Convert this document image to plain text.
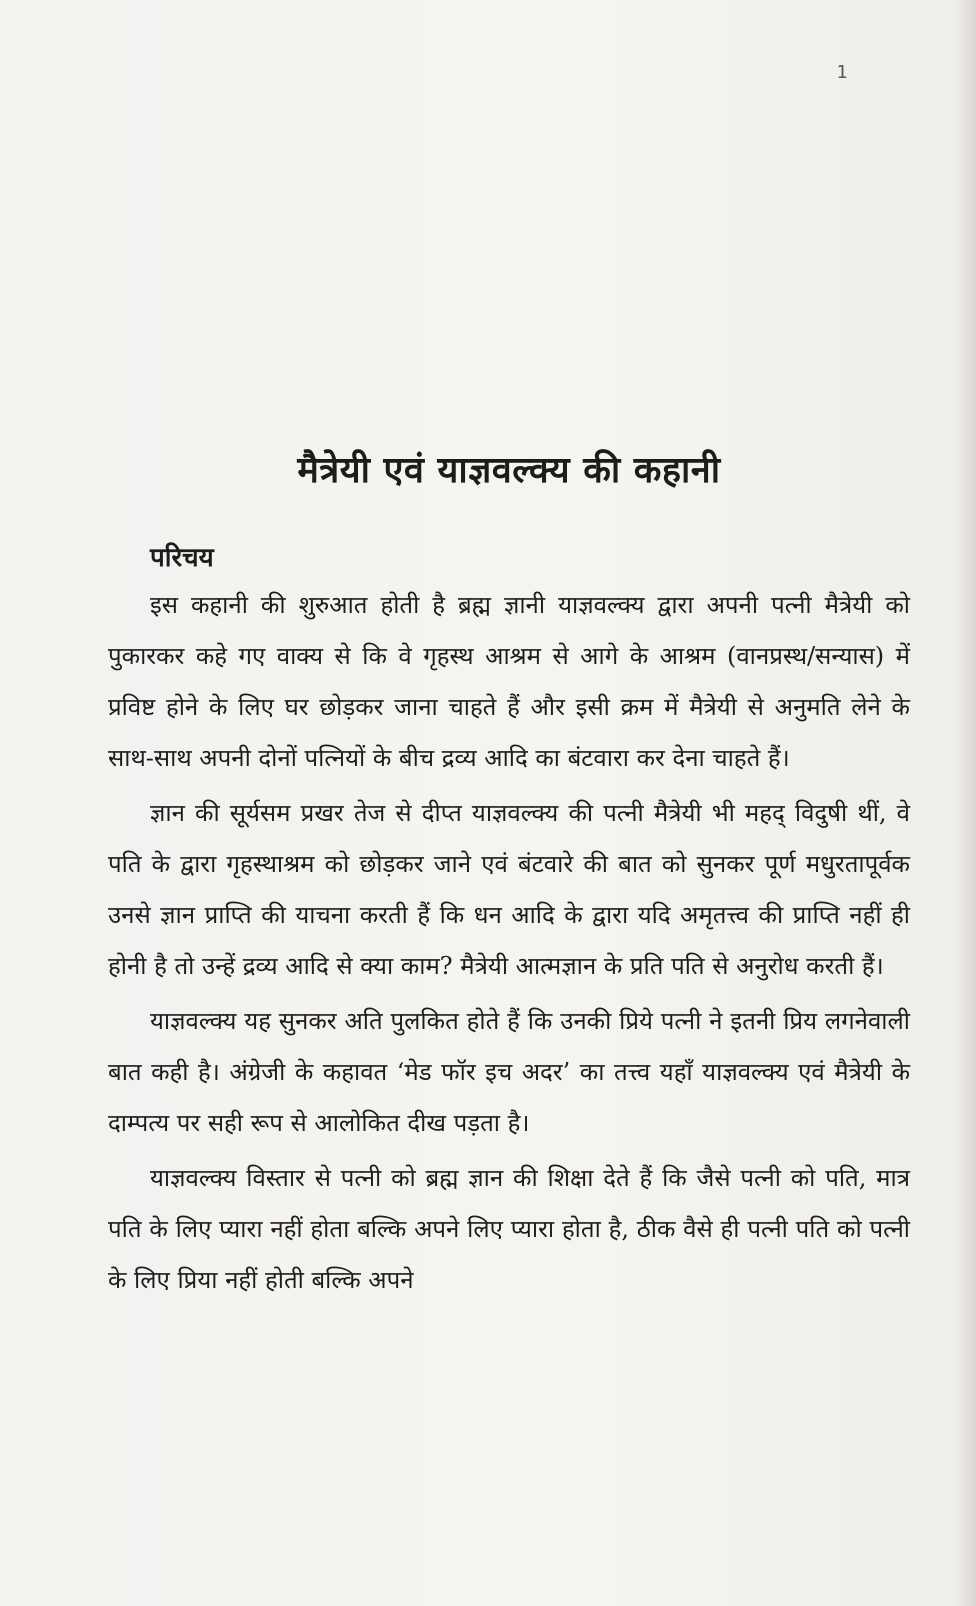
1
मैत्रेयी एवं याज्ञवल्क्य की कहानी
परिचय

इस कहानी की शुरुआत होती है ब्रह्म ज्ञानी याज्ञवल्क्य द्वारा अपनी पत्नी मैत्रेयी को पुकारकर कहे गए वाक्य से कि वे गृहस्थ आश्रम से आगे के आश्रम (वानप्रस्थ/सन्यास) में प्रविष्ट होने के लिए घर छोड़कर जाना चाहते हैं और इसी क्रम में मैत्रेयी से अनुमति लेने के साथ-साथ अपनी दोनों पत्नियों के बीच द्रव्य आदि का बंटवारा कर देना चाहते हैं।

ज्ञान की सूर्यसम प्रखर तेज से दीप्त याज्ञवल्क्य की पत्नी मैत्रेयी भी महद् विदुषी थीं, वे पति के द्वारा गृहस्थाश्रम को छोड़कर जाने एवं बंटवारे की बात को सुनकर पूर्ण मधुरतापूर्वक उनसे ज्ञान प्राप्ति की याचना करती हैं कि धन आदि के द्वारा यदि अमृतत्त्व की प्राप्ति नहीं ही होनी है तो उन्हें द्रव्य आदि से क्या काम? मैत्रेयी आत्मज्ञान के प्रति पति से अनुरोध करती हैं।

याज्ञवल्क्य यह सुनकर अति पुलकित होते हैं कि उनकी प्रिये पत्नी ने इतनी प्रिय लगनेवाली बात कही है। अंग्रेजी के कहावत ‘मेड फॉर इच अदर’ का तत्त्व यहाँ याज्ञवल्क्य एवं मैत्रेयी के दाम्पत्य पर सही रूप से आलोकित दीख पड़ता है।

याज्ञवल्क्य विस्तार से पत्नी को ब्रह्म ज्ञान की शिक्षा देते हैं कि जैसे पत्नी को पति, मात्र पति के लिए प्यारा नहीं होता बल्कि अपने लिए प्यारा होता है, ठीक वैसे ही पत्नी पति को पत्नी के लिए प्रिया नहीं होती बल्कि अपने
